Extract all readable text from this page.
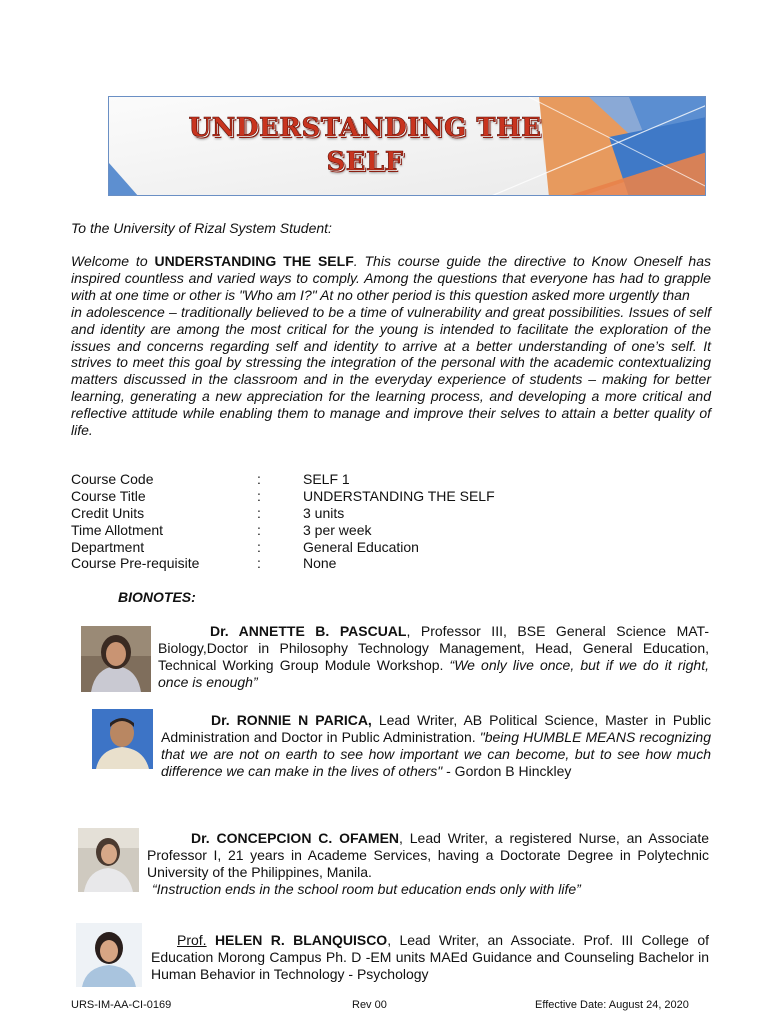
UNDERSTANDING THE
SELF
To the University of Rizal System Student:

Welcome to UNDERSTANDING THE SELF. This course guide the directive to Know Oneself has inspired countless and varied ways to comply. Among the questions that everyone has had to grapple with at one time or other is "Who am I?" At no other period is this question asked more urgently than

in adolescence – traditionally believed to be a time of vulnerability and great possibilities. Issues of self and identity are among the most critical for the young is intended to facilitate the exploration of the issues and concerns regarding self and identity to arrive at a better understanding of one’s self. It strives to meet this goal by stressing the integration of the personal with the academic contextualizing matters discussed in the classroom and in the everyday experience of students – making for better learning, generating a new appreciation for the learning process, and developing a more critical and reflective attitude while enabling them to manage and improve their selves to attain a better quality of life.

Course Code	:	SELF 1
Course Title	:	UNDERSTANDING THE SELF
Credit Units	:	3 units
Time Allotment	:	3 per week
Department	:	General Education
Course Pre-requisite	:	None
BIONOTES:
Dr. ANNETTE B. PASCUAL, Professor III, BSE General Science MAT-Biology,Doctor in Philosophy Technology Management, Head, General Education, Technical Working Group Module Workshop. “We only live once, but if we do it right, once is enough”
Dr. RONNIE N PARICA, Lead Writer, AB Political Science, Master in Public Administration and Doctor in Public Administration. "being HUMBLE MEANS recognizing that we are not on earth to see how important we can become, but to see how much difference we can make in the lives of others" - Gordon B Hinckley
Dr. CONCEPCION C. OFAMEN, Lead Writer, a registered Nurse, an Associate Professor I, 21 years in Academe Services, having a Doctorate Degree in Polytechnic University of the Philippines, Manila.
“Instruction ends in the school room but education ends only with life”
Prof. HELEN R. BLANQUISCO, Lead Writer, an Associate. Prof. III College of Education Morong Campus Ph. D -EM units MAEd Guidance and Counseling Bachelor in Human Behavior in Technology - Psychology
URS-IM-AA-CI-0169	Rev 00	Effective Date: August 24, 2020
